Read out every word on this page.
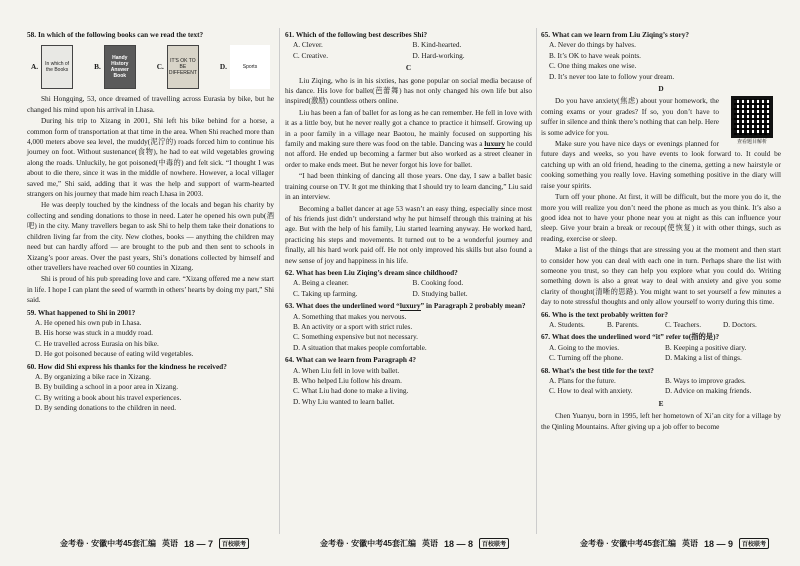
58. In which of the following books can we read the text?
A.	In which of the Books	B.
Handy History Answer Book
C.
IT'S OK TO BE DIFFERENT
D.	Sports

Shi Hongqing, 53, once dreamed of travelling across Eurasia by bike, but he changed his mind upon his arrival in Lhasa.

During his trip to Xizang in 2001, Shi left his bike behind for a horse, a common form of transportation at that time in the area. When Shi reached more than 4,000 meters above sea level, the muddy(泥泞的) roads forced him to continue his journey on foot. Without sustenance(食物), he had to eat wild vegetables growing along the roads. Unluckily, he got poisoned(中毒的) and felt sick. “I thought I was about to die there, since it was in the middle of nowhere. However, a local villager saved me,” Shi said, adding that it was the help and support of warm-hearted strangers on his journey that made him reach Lhasa in 2003.

He was deeply touched by the kindness of the locals and began his charity by collecting and sending donations to those in need. Later he opened his own pub(酒吧) in the city. Many travellers began to ask Shi to help them take their donations to children living far from the city. New clothes, books — anything the children may need but can hardly afford — are brought to the pub and then sent to schools in Xizang’s poor areas. Over the past years, Shi’s donations collected by himself and other travellers have reached over 60 counties in Xizang.

Shi is proud of his pub spreading love and care. “Xizang offered me a new start in life. I hope I can plant the seed of warmth in others’ hearts by doing my part,” Shi said.

59. What happened to Shi in 2001?
A. He opened his own pub in Lhasa.
B. His horse was stuck in a muddy road.
C. He travelled across Eurasia on his bike.
D. He got poisoned because of eating wild vegetables.
60. How did Shi express his thanks for the kindness he received?
A. By organizing a bike race in Xizang.
B. By building a school in a poor area in Xizang.
C. By writing a book about his travel experiences.
D. By sending donations to the children in need.
61. Which of the following best describes Shi?
A. Clever.	B. Kind-hearted.
C. Creative.	D. Hard-working.
C

Liu Ziqing, who is in his sixties, has gone popular on social media because of his dance. His love for ballet(芭蕾舞) has not only changed his own life but also inspired(激励) countless others online.

Liu has been a fan of ballet for as long as he can remember. He fell in love with it as a little boy, but he never really got a chance to practice it himself. Growing up in a poor family in a village near Baotou, he mainly focused on supporting his family and making sure there was food on the table. Dancing was a luxury he could not afford. He ended up becoming a farmer but also worked as a street cleaner in order to make ends meet. But he never forgot his love for ballet.

“I had been thinking of dancing all those years. One day, I saw a ballet basic training course on TV. It got me thinking that I should try to learn dancing,” Liu said in an interview.

Becoming a ballet dancer at age 53 wasn’t an easy thing, especially since most of his friends just didn’t understand why he put himself through this training at his age. But with the help of his family, Liu started learning anyway. He worked hard, practicing his steps and movements. It turned out to be a wonderful journey and finally, all his hard work paid off. He not only improved his skills but also found a new sense of joy and happiness in his life.

62. What has been Liu Ziqing’s dream since childhood?
A. Being a cleaner.	B. Cooking food.
C. Taking up farming.	D. Studying ballet.
63. What does the underlined word “luxury” in Paragraph 2 probably mean?
A. Something that makes you nervous.
B. An activity or a sport with strict rules.
C. Something expensive but not necessary.
D. A situation that makes people comfortable.
64. What can we learn from Paragraph 4?
A. When Liu fell in love with ballet.
B. Who helped Liu follow his dream.
C. What Liu had done to make a living.
D. Why Liu wanted to learn ballet.
65. What can we learn from Liu Ziqing’s story?
A. Never do things by halves.
B. It’s OK to have weak points.
C. One thing makes one wise.
D. It’s never too late to follow your dream.
D
查看题目解析

Do you have anxiety(焦虑) about your homework, the coming exams or your grades? If so, you don’t have to suffer in silence and think there’s nothing that can help. Here is some advice for you.

Make sure you have nice days or evenings planned for future days and weeks, so you have events to look forward to. It could be catching up with an old friend, heading to the cinema, getting a new hairstyle or cooking something you really love. Having something positive in the diary will raise your spirits.

Turn off your phone. At first, it will be difficult, but the more you do it, the more you will realize you don’t need the phone as much as you think. It’s also a good idea not to have your phone near you at night as this can influence your sleep. Give your brain a break or recoup(使恢复) it with other things, such as reading, exercise or sleep.

Make a list of the things that are stressing you at the moment and then start to consider how you can deal with each one in turn. Perhaps share the list with someone you trust, so they can help you explore what you could do. Writing something down is also a great way to deal with anxiety and give you some clarity of thought(清晰的思路). You might want to set yourself a few minutes a day to note stressful thoughts and only allow yourself to worry during this time.

66. Who is the text probably written for?
A. Students.	B. Parents.	C. Teachers.	D. Doctors.
67. What does the underlined word “it” refer to(指的是)?
A. Going to the movies.	B. Keeping a positive diary.
C. Turning off the phone.	D. Making a list of things.
68. What’s the best title for the text?
A. Plans for the future.	B. Ways to improve grades.
C. How to deal with anxiety.	D. Advice on making friends.
E

Chen Yuanyu, born in 1995, left her hometown of Xi’an city for a village by the Qinling Mountains. After giving up a job offer to become

金考卷 · 安徽中考45套汇编 英语 18 — 7	百校联考	金考卷 · 安徽中考45套汇编 英语 18 — 8	百校联考	金考卷 · 安徽中考45套汇编 英语 18 — 9	百校联考
